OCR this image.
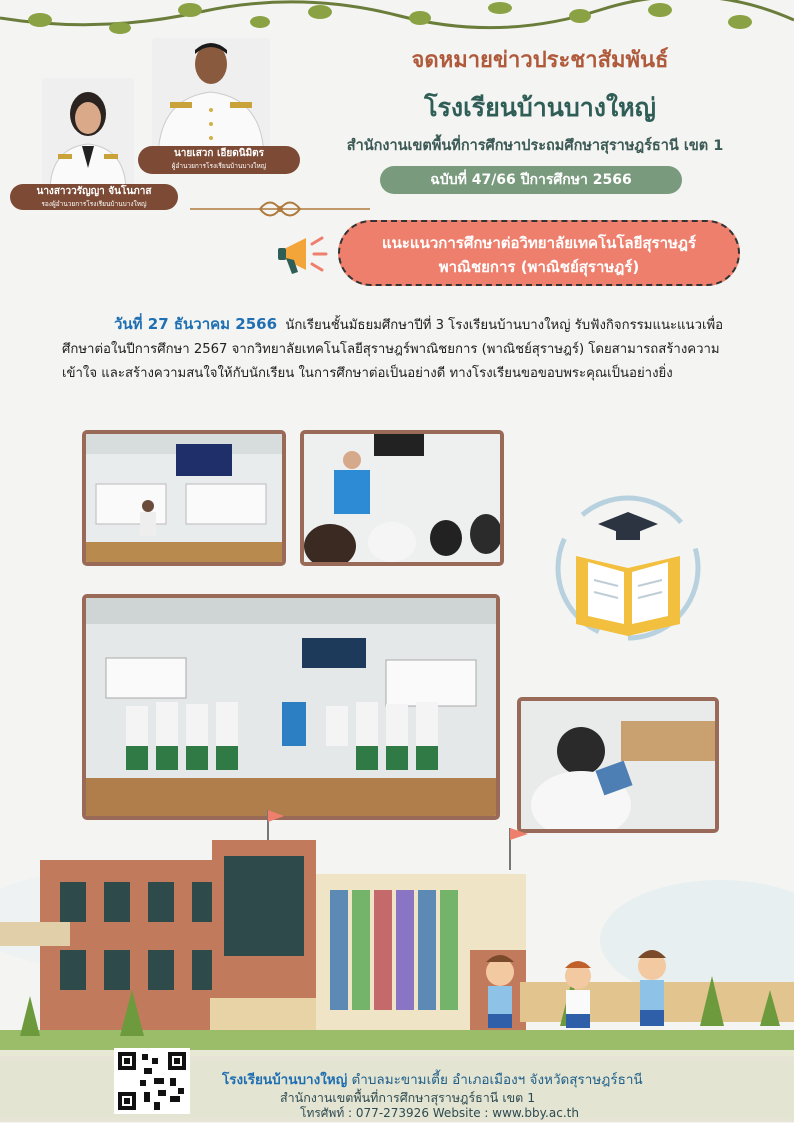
จดหมายข่าวประชาสัมพันธ์
โรงเรียนบ้านบางใหญ่
สำนักงานเขตพื้นที่การศึกษาประถมศึกษาสุราษฎร์ธานี เขต 1
ฉบับที่ 47/66 ปีการศึกษา 2566
นายเสวก เอียดนิมิตร
ผู้อำนวยการโรงเรียนบ้านบางใหญ่
นางสาววรัญญา จันโนภาส
รองผู้อำนวยการโรงเรียนบ้านบางใหญ่
แนะแนวการศึกษาต่อวิทยาลัยเทคโนโลยีสุราษฎร์
พาณิชยการ (พาณิชย์สุราษฎร์)
วันที่ 27 ธันวาคม 2566 นักเรียนชั้นมัธยมศึกษาปีที่ 3 โรงเรียนบ้านบางใหญ่ รับฟังกิจกรรมแนะแนวเพื่อศึกษาต่อในปีการศึกษา 2567 จากวิทยาลัยเทคโนโลยีสุราษฎร์พาณิชยการ (พาณิชย์สุราษฎร์) โดยสามารถสร้างความเข้าใจ และสร้างความสนใจให้กับนักเรียน ในการศึกษาต่อเป็นอย่างดี ทางโรงเรียนขอขอบพระคุณเป็นอย่างยิ่ง
โรงเรียนบ้านบางใหญ่ ตำบลมะขามเตี้ย อำเภอเมืองฯ จังหวัดสุราษฎร์ธานี
สำนักงานเขตพื้นที่การศึกษาสุราษฎร์ธานี เขต 1
โทรศัพท์ : 077-273926 Website : www.bby.ac.th
